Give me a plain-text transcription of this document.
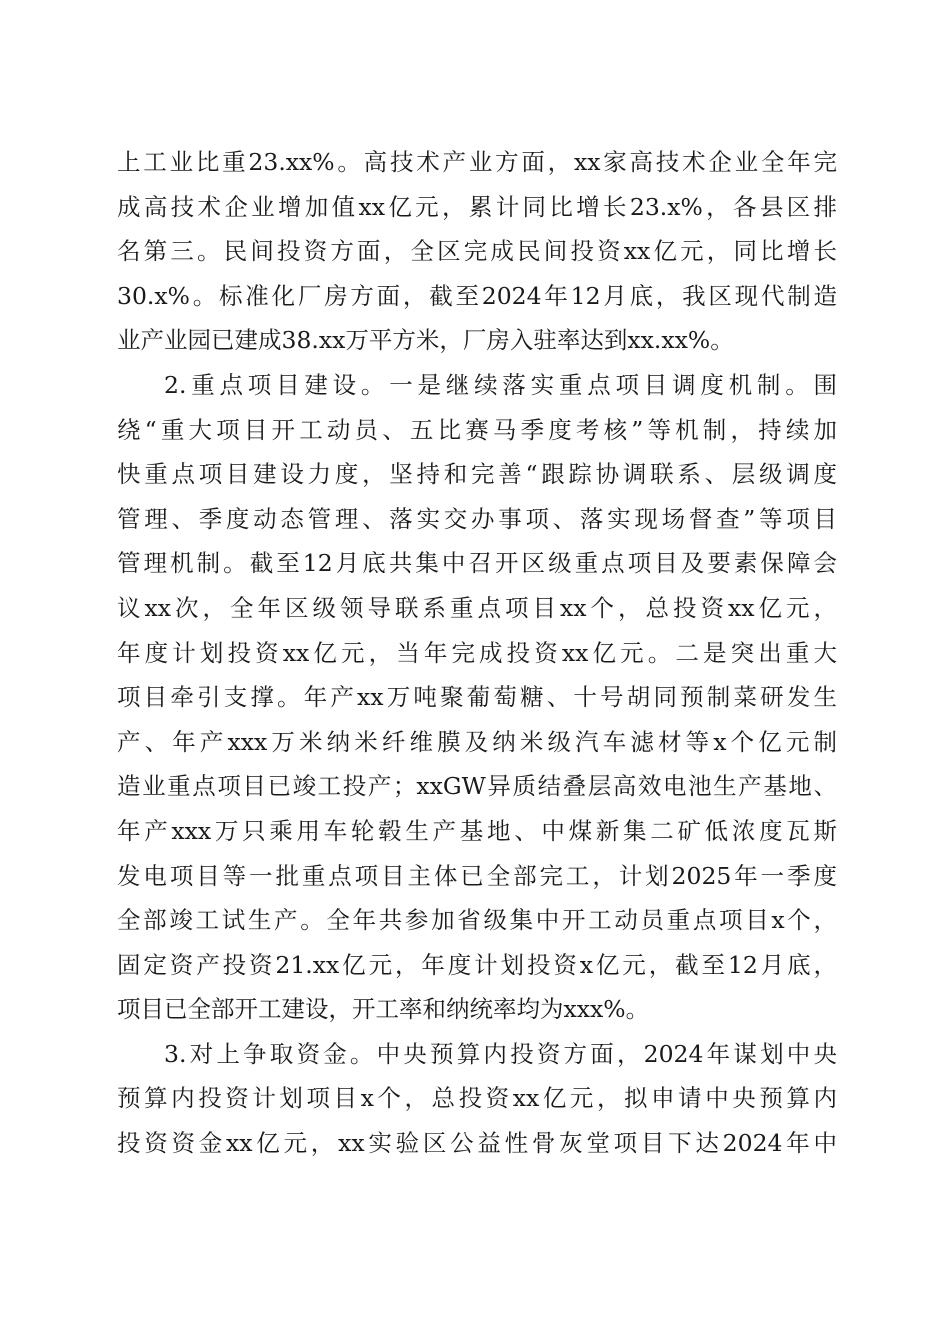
上工业比重23.xx%。高技术产业方面，xx家高技术企业全年完
成高技术企业增加值xx亿元，累计同比增长23.x%，各县区排
名第三。民间投资方面，全区完成民间投资xx亿元，同比增长
30.x%。标准化厂房方面，截至2024年12月底，我区现代制造
业产业园已建成38.xx万平方米，厂房入驻率达到xx.xx%。
2.重点项目建设。一是继续落实重点项目调度机制。围
绕“重大项目开工动员、五比赛马季度考核”等机制，持续加
快重点项目建设力度，坚持和完善“跟踪协调联系、层级调度
管理、季度动态管理、落实交办事项、落实现场督查”等项目
管理机制。截至12月底共集中召开区级重点项目及要素保障会
议xx次，全年区级领导联系重点项目xx个，总投资xx亿元，
年度计划投资xx亿元，当年完成投资xx亿元。二是突出重大
项目牵引支撑。年产xx万吨聚葡萄糖、十号胡同预制菜研发生
产、年产xxx万米纳米纤维膜及纳米级汽车滤材等x个亿元制
造业重点项目已竣工投产；xxGW异质结叠层高效电池生产基地、
年产xxx万只乘用车轮毂生产基地、中煤新集二矿低浓度瓦斯
发电项目等一批重点项目主体已全部完工，计划2025年一季度
全部竣工试生产。全年共参加省级集中开工动员重点项目x个，
固定资产投资21.xx亿元，年度计划投资x亿元，截至12月底，
项目已全部开工建设，开工率和纳统率均为xxx%。
3.对上争取资金。中央预算内投资方面，2024年谋划中央
预算内投资计划项目x个，总投资xx亿元，拟申请中央预算内
投资资金xx亿元，xx实验区公益性骨灰堂项目下达2024年中
